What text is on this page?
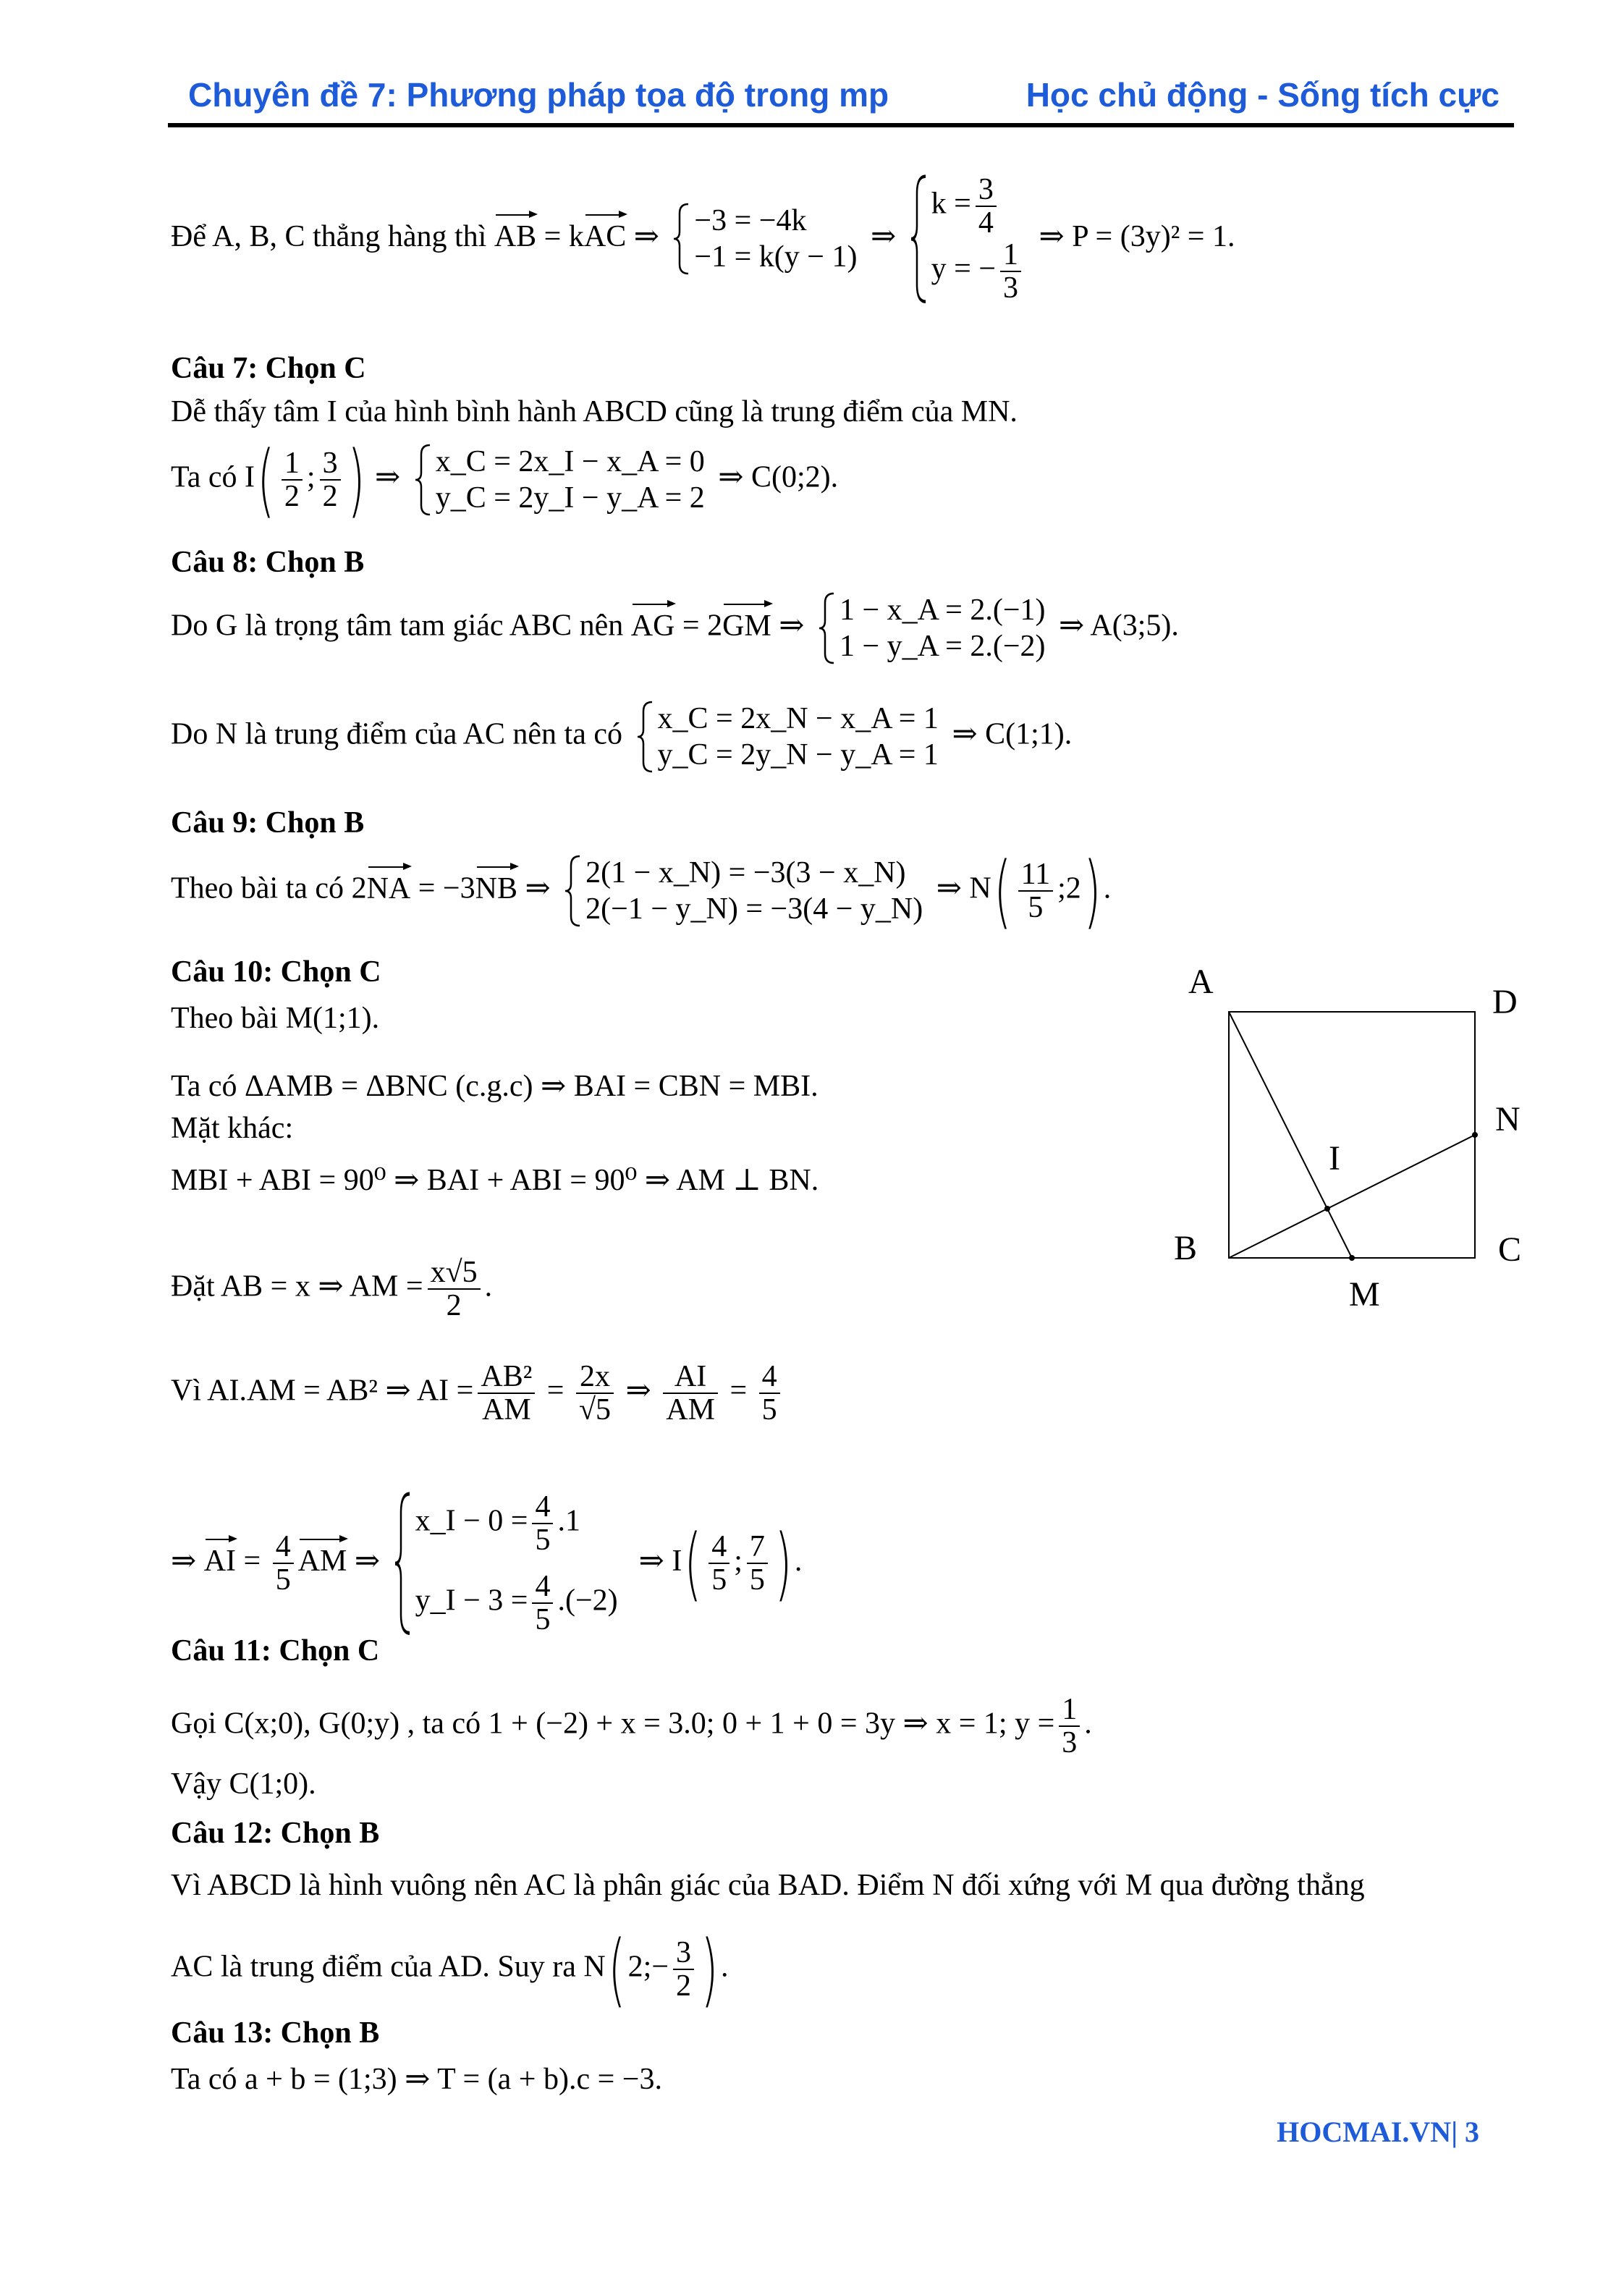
Chuyên đề 7: Phương pháp tọa độ trong mp	Học chủ động - Sống tích cực
Để A, B, C thẳng hàng thì AB = kAC ⇒ −3 = −4k
−1 = k(y − 1)
⇒
$k = \frac{3}{4}$
y = − $\frac{1}{3}$
⇒ P = (3y)² = 1.
Câu 7: Chọn C
Dễ thấy tâm I của hình bình hành ABCD cũng là trung điểm của MN.
Ta có $I( \frac{1}{2}$ ; $\frac{3}{2}$ ) ⇒ x_C = 2x_I − x_A = 0
y_C = 2y_I − y_A = 2
⇒ C(0;2).
Câu 8: Chọn B
Do G là trọng tâm tam giác ABC nên AG = 2GM ⇒ 1 − x_A = 2.(−1)
1 − y_A = 2.(−2)
⇒ A(3;5).
Do N là trung điểm của AC nên ta có x_C = 2x_N − x_A = 1
y_C = 2y_N − y_A = 1
⇒ C(1;1).
Câu 9: Chọn B
Theo bài ta có 2NA = −3NB ⇒ 2(1 − x_N) = −3(3 − x_N)
2(−1 − y_N) = −3(4 − y_N)
⇒ $N( \frac{11}{5}$ ;2).
Câu 10: Chọn C
Theo bài M(1;1).
Ta có ΔAMB = ΔBNC (c.g.c) ⇒ BAI = CBN = MBI.
Mặt khác:
MBI + ABI = 90⁰ ⇒ BAI + ABI = 90⁰ ⇒ AM ⊥ BN.
Đặt AB = x ⇒ AM = $\frac{x√5}{2}$ .
Vì AI.AM = AB² ⇒ AI = $\frac{\text{AB²}}{AM} = \frac{2x}{√5}$ ⇒ $\frac{AI}{AM} = \frac{4}{5}$
⇒ AI = $\frac{4}{5}$ AM ⇒
x_I − $0 = \frac{4}{5} .1$
y_I − $3 = \frac{4}{5} .(-2)$
⇒ $I( \frac{4}{5}$ ; $\frac{7}{5}$ ).
A
D
N
I
B	C
M
Câu 11: Chọn C
Gọi C(x;0), G(0;y) , ta có 1 + (−2) + x = 3.0; 0 + 1 + 0 = 3y ⇒ x = 1; $y = \frac{1}{3}$ .
Vậy C(1;0).
Câu 12: Chọn B
Vì ABCD là hình vuông nên AC là phân giác của BAD. Điểm N đối xứng với M qua đường thẳng
AC là trung điểm của AD. Suy ra N(2;− $\frac{3}{2}$ ).
Câu 13: Chọn B
Ta có a + b = (1;3) ⇒ T = (a + b).c = −3.
HOCMAI.VN| 3
